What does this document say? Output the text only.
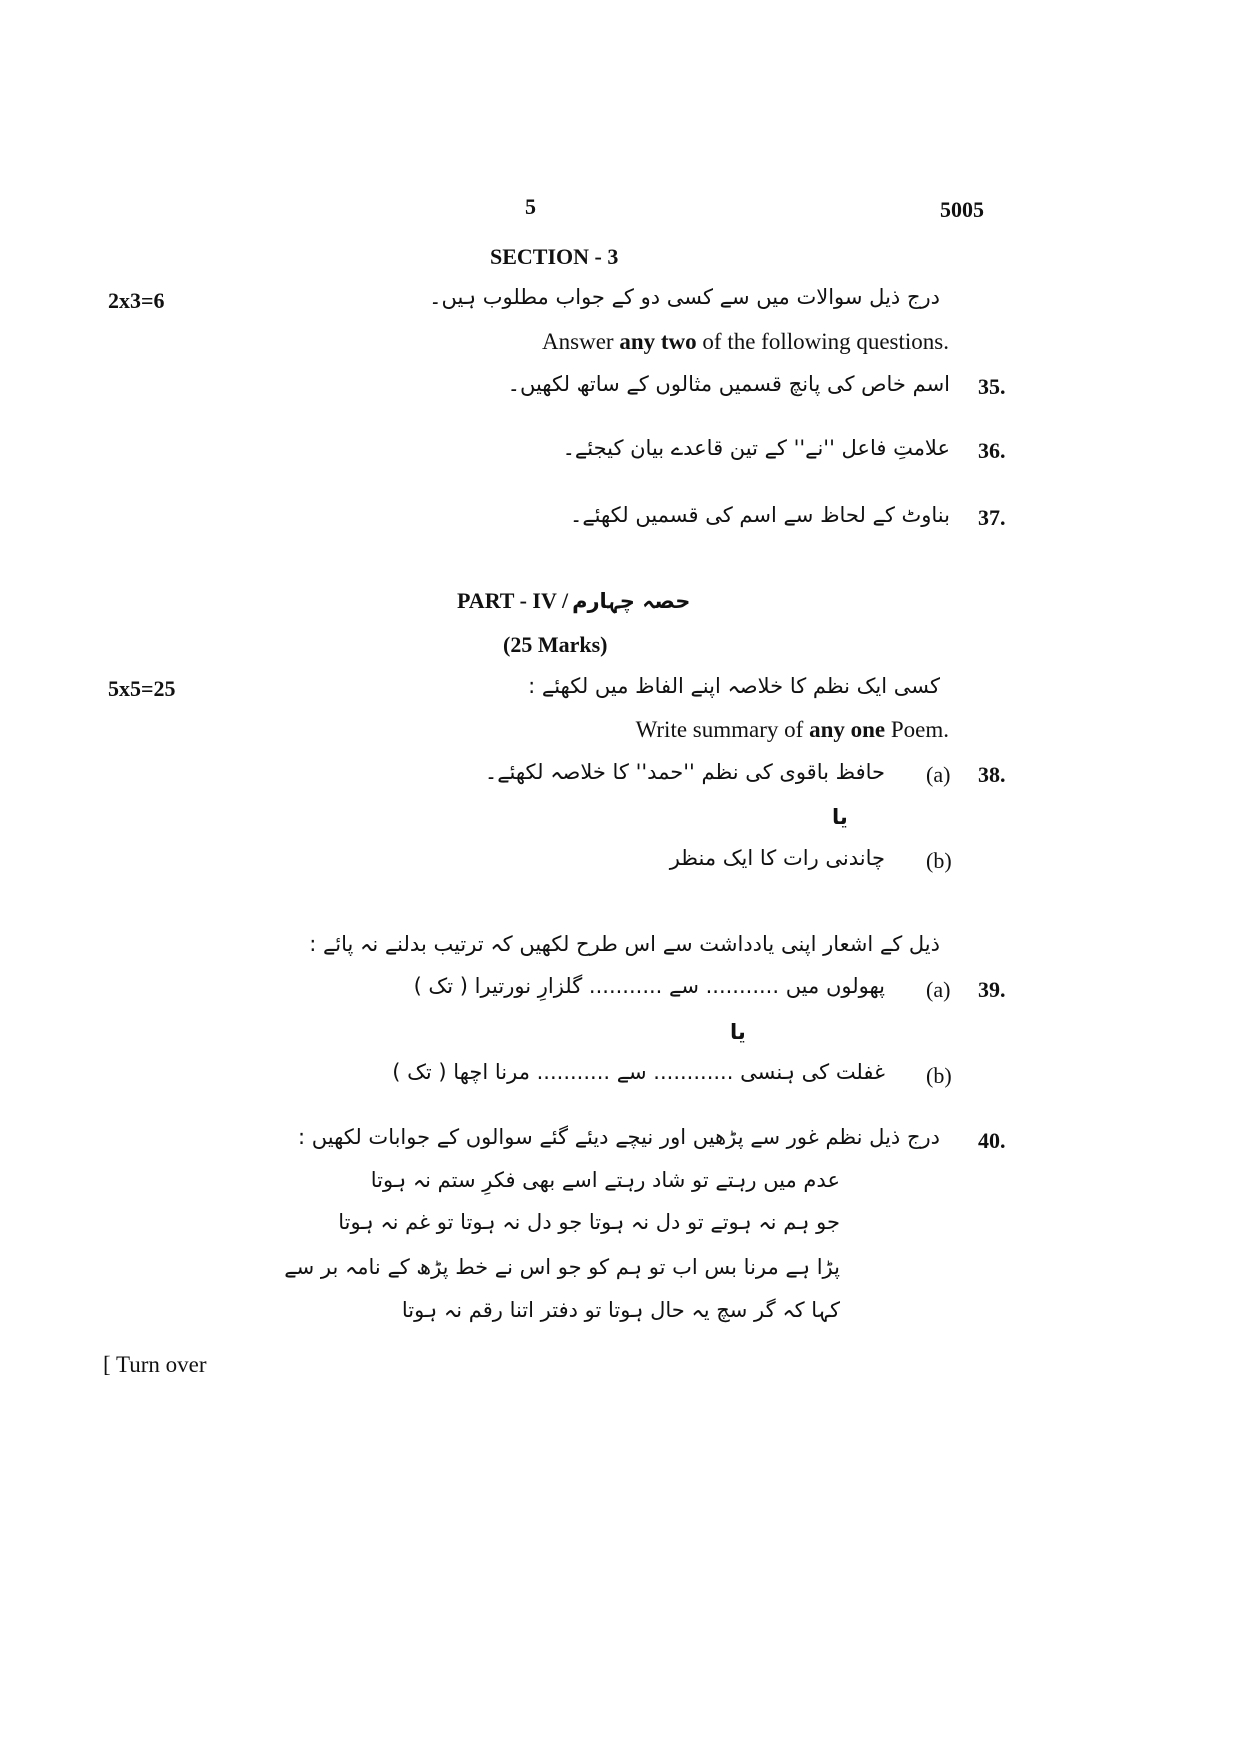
5	5005
SECTION - 3
2x3=6	درج ذیل سوالات میں سے کسی دو کے جواب مطلوب ہیں۔
Answer any two of the following questions.
35.
اسم خاص کی پانچ قسمیں مثالوں کے ساتھ لکھیں۔
36.
علامتِ فاعل ''نے'' کے تین قاعدے بیان کیجئے۔
37.
بناوٹ کے لحاظ سے اسم کی قسمیں لکھئے۔
PART - IV / حصہ چہارم
(25 Marks)
5x5=25	کسی ایک نظم کا خلاصہ اپنے الفاظ میں لکھئے :
Write summary of any one Poem.
38.
(a)
حافظ باقوی کی نظم ''حمد'' کا خلاصہ لکھئے۔
یا
(b)
چاندنی رات کا ایک منظر
ذیل کے اشعار اپنی یادداشت سے اس طرح لکھیں کہ ترتیب بدلنے نہ پائے :
39.
(a)
پھولوں میں ........... سے ........... گلزارِ نورتیرا ( تک )
یا
(b)
غفلت کی ہنسی ............ سے ........... مرنا اچھا ( تک )
40.
درج ذیل نظم غور سے پڑھیں اور نیچے دیئے گئے سوالوں کے جوابات لکھیں :
عدم میں رہتے تو شاد رہتے اسے بھی فکرِ ستم نہ ہوتا
جو ہم نہ ہوتے تو دل نہ ہوتا جو دل نہ ہوتا تو غم نہ ہوتا
پڑا ہے مرنا بس اب تو ہم کو جو اس نے خط پڑھ کے نامہ بر سے
کہا کہ گر سچ یہ حال ہوتا تو دفتر اتنا رقم نہ ہوتا
[ Turn over
